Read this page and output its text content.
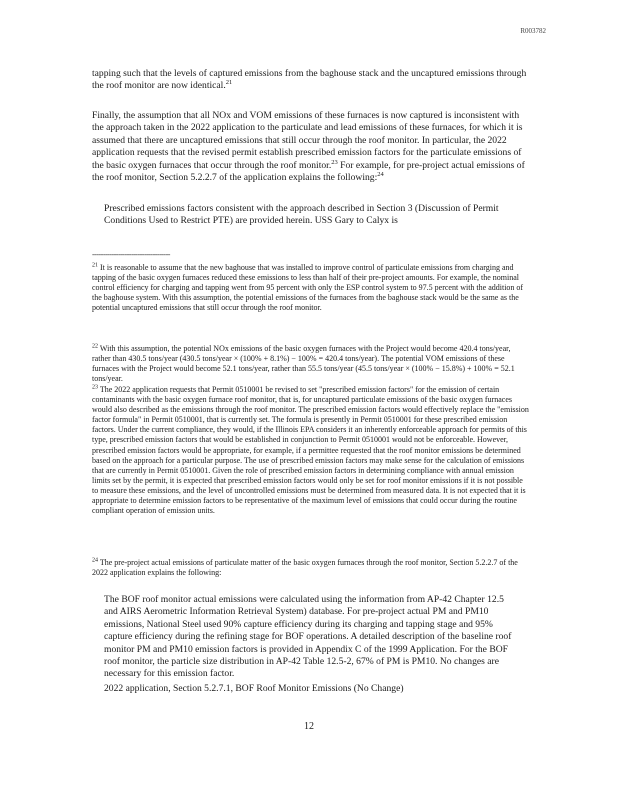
R003782
tapping such that the levels of captured emissions from the baghouse stack and the uncaptured emissions through the roof monitor are now identical.$^{21}$
Finally, the assumption that all NOx and VOM emissions of these furnaces is now captured is inconsistent with the approach taken in the 2022 application to the particulate and lead emissions of these furnaces, for which it is assumed that there are uncaptured emissions that still occur through the roof monitor. In particular, the 2022 application requests that the revised permit establish prescribed emission factors for the particulate emissions of the basic oxygen furnaces that occur through the roof monitor.$^{23}$ For example, for pre-project actual emissions of the roof monitor, Section 5.2.2.7 of the application explains the following:$^{24}$
Prescribed emissions factors consistent with the approach described in Section 3 (Discussion of Permit Conditions Used to Restrict PTE) are provided herein. USS Gary to Calyx is
------------------------------------
$^{21}$ It is reasonable to assume that the new baghouse that was installed to improve control of particulate emissions from charging and tapping of the basic oxygen furnaces reduced these emissions to less than half of their pre-project amounts. For example, the nominal control efficiency for charging and tapping went from 95 percent with only the ESP control system to 97.5 percent with the addition of the baghouse system. With this assumption, the potential emissions of the furnaces from the baghouse stack would be the same as the potential uncaptured emissions that still occur through the roof monitor.
$^{22}$ With this assumption, the potential NOx emissions of the basic oxygen furnaces with the Project would become 420.4 tons/year, rather than 430.5 tons/year (430.5 tons/year × (100% + 8.1%) − 100% = 420.4 tons/year). The potential VOM emissions of these furnaces with the Project would become 52.1 tons/year, rather than 55.5 tons/year (45.5 tons/year × (100% − 15.8%) + 100% = 52.1 tons/year.
$^{23}$ The 2022 application requests that Permit 0510001 be revised to set "prescribed emission factors" for the emission of certain contaminants with the basic oxygen furnace roof monitor, that is, for uncaptured particulate emissions of the basic oxygen furnaces would also described as the emissions through the roof monitor. The prescribed emission factors would effectively replace the "emission factor formula" in Permit 0510001, that is currently set. The formula is presently in Permit 0510001 for these prescribed emission factors. Under the current compliance, they would, if the Illinois EPA considers it an inherently enforceable approach for permits of this type, prescribed emission factors that would be established in conjunction to Permit 0510001 would not be enforceable. However, prescribed emission factors would be appropriate, for example, if a permittee requested that the roof monitor emissions be determined based on the approach for a particular purpose. The use of prescribed emission factors may make sense for the calculation of emissions that are currently in Permit 0510001. Given the role of prescribed emission factors in determining compliance with annual emission limits set by the permit, it is expected that prescribed emission factors would only be set for roof monitor emissions if it is not possible to measure these emissions, and the level of uncontrolled emissions must be determined from measured data. It is not expected that it is appropriate to determine emission factors to be representative of the maximum level of emissions that could occur during the routine compliant operation of emission units.
$^{24}$ The pre-project actual emissions of particulate matter of the basic oxygen furnaces through the roof monitor, Section 5.2.2.7 of the 2022 application explains the following:
The BOF roof monitor actual emissions were calculated using the information from AP-42 Chapter 12.5 and AIRS Aerometric Information Retrieval System) database. For pre-project actual PM and PM10 emissions, National Steel used 90% capture efficiency during its charging and tapping stage and 95% capture efficiency during the refining stage for BOF operations. A detailed description of the baseline roof monitor PM and PM10 emission factors is provided in Appendix C of the 1999 Application. For the BOF roof monitor, the particle size distribution in AP-42 Table 12.5-2, 67% of PM is PM10. No changes are necessary for this emission factor.
2022 application, Section 5.2.7.1, BOF Roof Monitor Emissions (No Change)
12
